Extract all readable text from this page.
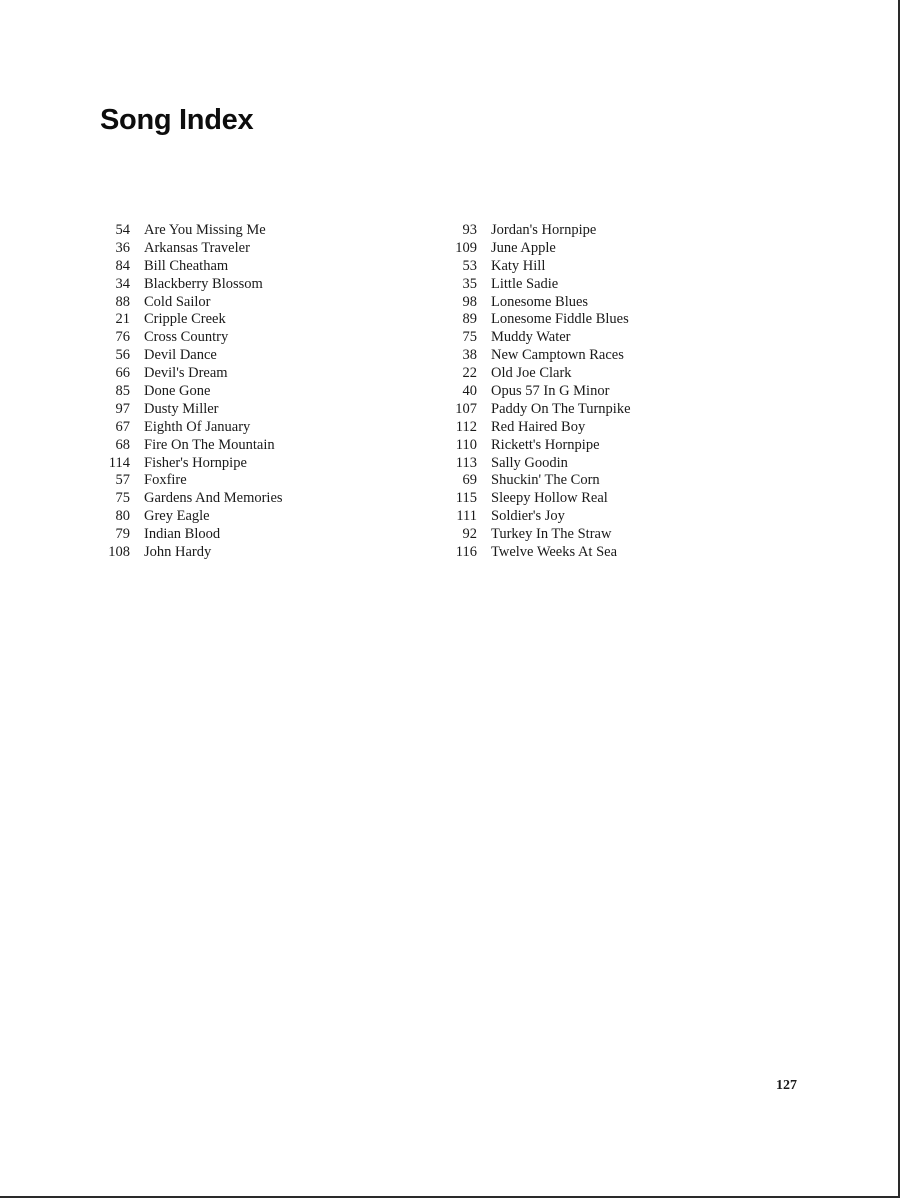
Song Index
54 Are You Missing Me
36 Arkansas Traveler
84 Bill Cheatham
34 Blackberry Blossom
88 Cold Sailor
21 Cripple Creek
76 Cross Country
56 Devil Dance
66 Devil's Dream
85 Done Gone
97 Dusty Miller
67 Eighth Of January
68 Fire On The Mountain
114 Fisher's Hornpipe
57 Foxfire
75 Gardens And Memories
80 Grey Eagle
79 Indian Blood
108 John Hardy
93 Jordan's Hornpipe
109 June Apple
53 Katy Hill
35 Little Sadie
98 Lonesome Blues
89 Lonesome Fiddle Blues
75 Muddy Water
38 New Camptown Races
22 Old Joe Clark
40 Opus 57 In G Minor
107 Paddy On The Turnpike
112 Red Haired Boy
110 Rickett's Hornpipe
113 Sally Goodin
69 Shuckin' The Corn
115 Sleepy Hollow Real
111 Soldier's Joy
92 Turkey In The Straw
116 Twelve Weeks At Sea
127
